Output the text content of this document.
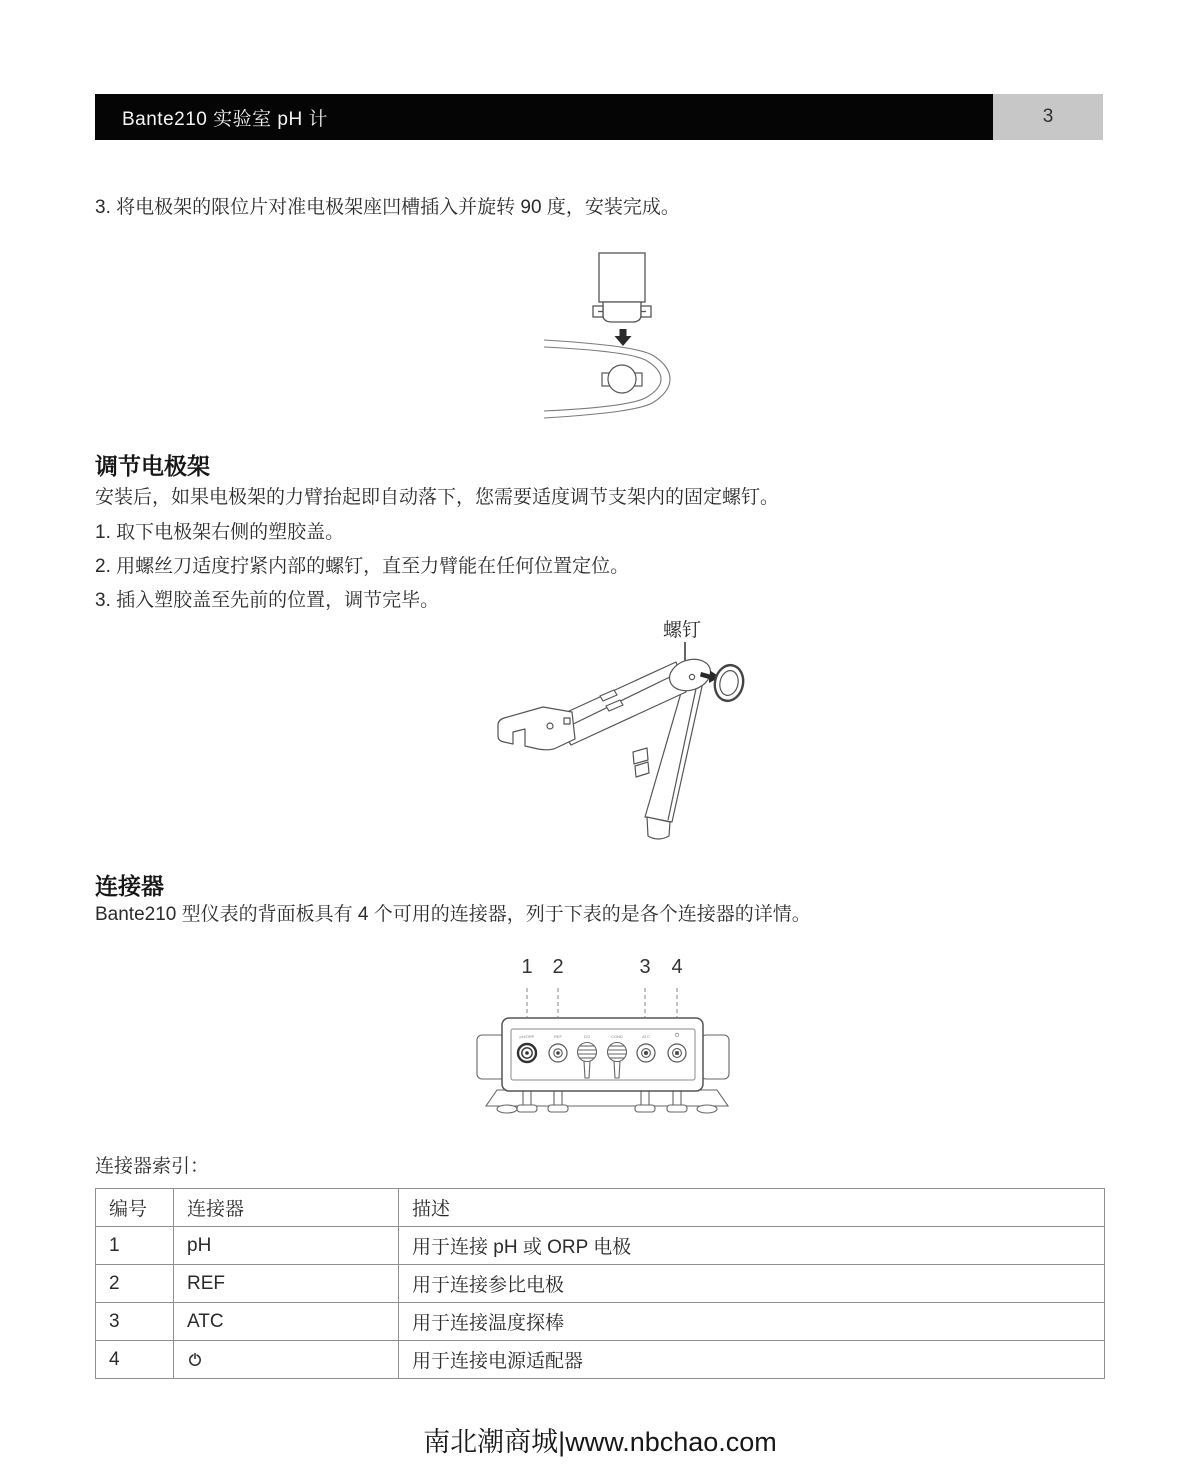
Bante210 实验室 pH 计	3
3. 将电极架的限位片对准电极架座凹槽插入并旋转 90 度，安装完成。
调节电极架
安装后，如果电极架的力臂抬起即自动落下，您需要适度调节支架内的固定螺钉。
1. 取下电极架右侧的塑胶盖。
2. 用螺丝刀适度拧紧内部的螺钉，直至力臂能在任何位置定位。
3. 插入塑胶盖至先前的位置，调节完毕。
螺钉
连接器
Bante210 型仪表的背面板具有 4 个可用的连接器，列于下表的是各个连接器的详情。
1 2	3 4
pH/ORP	REF	DO	COND	ATC
连接器索引：
编号	连接器	描述
1	pH	用于连接 pH 或 ORP 电极
2	REF	用于连接参比电极
3	ATC	用于连接温度探棒
4		用于连接电源适配器
南北潮商城|www.nbchao.com
